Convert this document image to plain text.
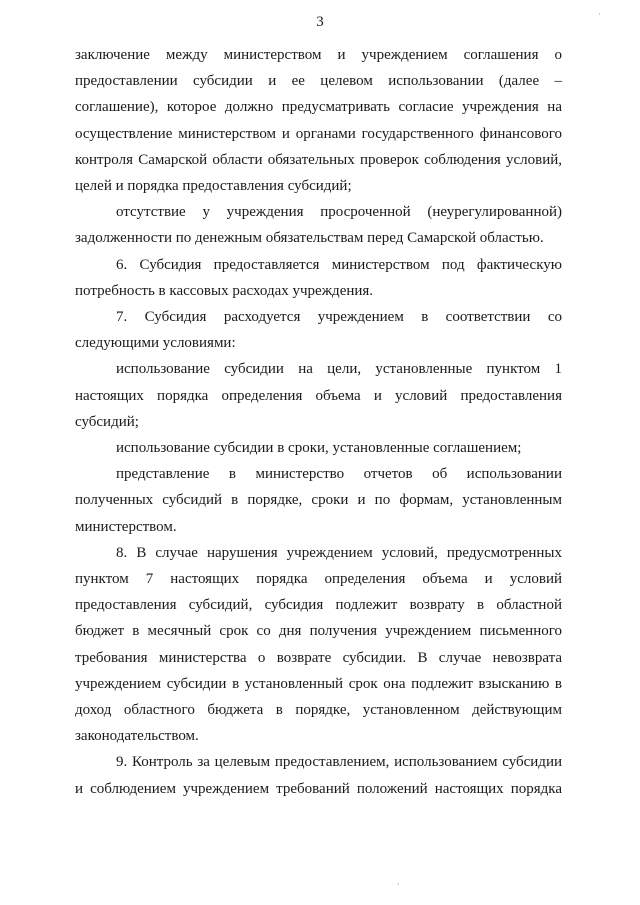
3

заключение между министерством и учреждением соглашения о предоставлении субсидии и ее целевом использовании (далее – соглашение), которое должно предусматривать согласие учреждения на осуществление министерством и органами государственного финансового контроля Самарской области обязательных проверок соблюдения условий, целей и порядка предоставления субсидий;

отсутствие у учреждения просроченной (неурегулированной) задолженности по денежным обязательствам перед Самарской областью.

6. Субсидия предоставляется министерством под фактическую потребность в кассовых расходах учреждения.

7. Субсидия расходуется учреждением в соответствии со следующими условиями:

использование субсидии на цели, установленные пунктом 1 настоящих порядка определения объема и условий предоставления субсидий;

использование субсидии в сроки, установленные соглашением;

представление в министерство отчетов об использовании полученных субсидий в порядке, сроки и по формам, установленным министерством.

8. В случае нарушения учреждением условий, предусмотренных пунктом 7 настоящих порядка определения объема и условий предоставления субсидий, субсидия подлежит возврату в областной бюджет в месячный срок со дня получения учреждением письменного требования министерства о возврате субсидии. В случае невозврата учреждением субсидии в установленный срок она подлежит взысканию в доход областного бюджета в порядке, установленном действующим законодательством.

9. Контроль за целевым предоставлением, использованием субсидии и соблюдением учреждением требований положений настоящих порядка

·
·
